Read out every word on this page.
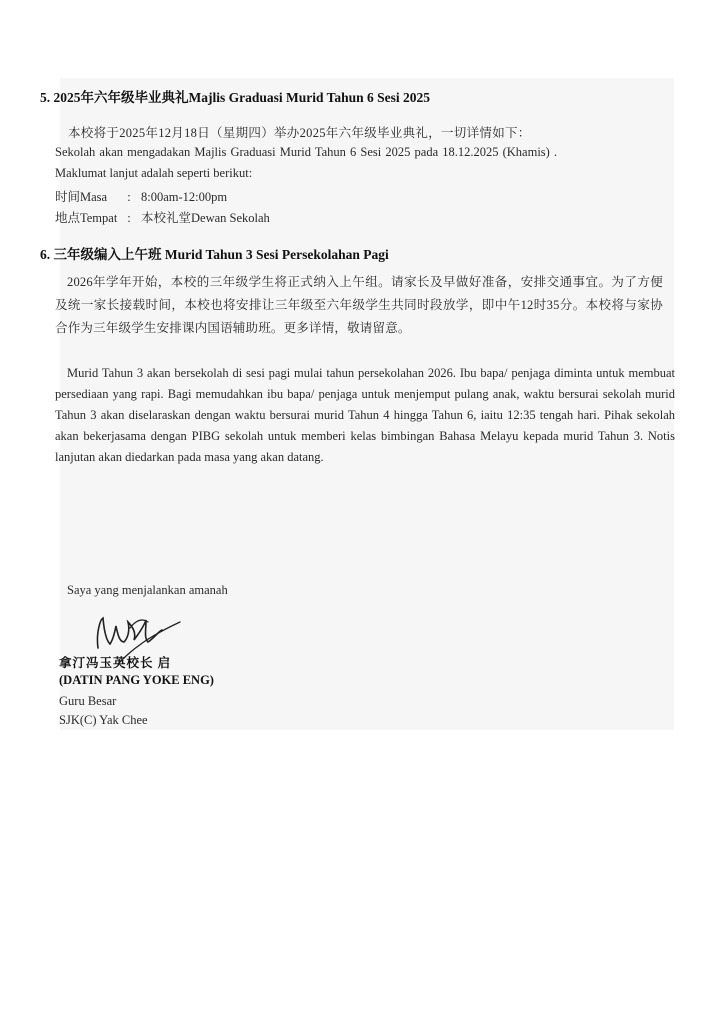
5. 2025年六年级毕业典礼Majlis Graduasi Murid Tahun 6 Sesi 2025
本校将于2025年12月18日（星期四）举办2025年六年级毕业典礼，一切详情如下：
Sekolah akan mengadakan Majlis Graduasi Murid Tahun 6 Sesi 2025 pada 18.12.2025 (Khamis) .
Maklumat lanjut adalah seperti berikut:
时间Masa : 8:00am-12:00pm
地点Tempat : 本校礼堂Dewan Sekolah
6. 三年级编入上午班 Murid Tahun 3 Sesi Persekolahan Pagi

2026年学年开始，本校的三年级学生将正式纳入上午组。请家长及早做好准备，安排交通事宜。为了方便及统一家长接载时间，本校也将安排让三年级至六年级学生共同时段放学，即中午12时35分。本校将与家协合作为三年级学生安排课内国语辅助班。更多详情，敬请留意。

Murid Tahun 3 akan bersekolah di sesi pagi mulai tahun persekolahan 2026. Ibu bapa/ penjaga diminta untuk membuat persediaan yang rapi. Bagi memudahkan ibu bapa/ penjaga untuk menjemput pulang anak, waktu bersurai sekolah murid Tahun 3 akan diselaraskan dengan waktu bersurai murid Tahun 4 hingga Tahun 6, iaitu 12:35 tengah hari. Pihak sekolah akan bekerjasama dengan PIBG sekolah untuk memberi kelas bimbingan Bahasa Melayu kepada murid Tahun 3. Notis lanjutan akan diedarkan pada masa yang akan datang.

Saya yang menjalankan amanah
拿汀冯玉英校长 启
(DATIN PANG YOKE ENG)
Guru Besar
SJK(C) Yak Chee
